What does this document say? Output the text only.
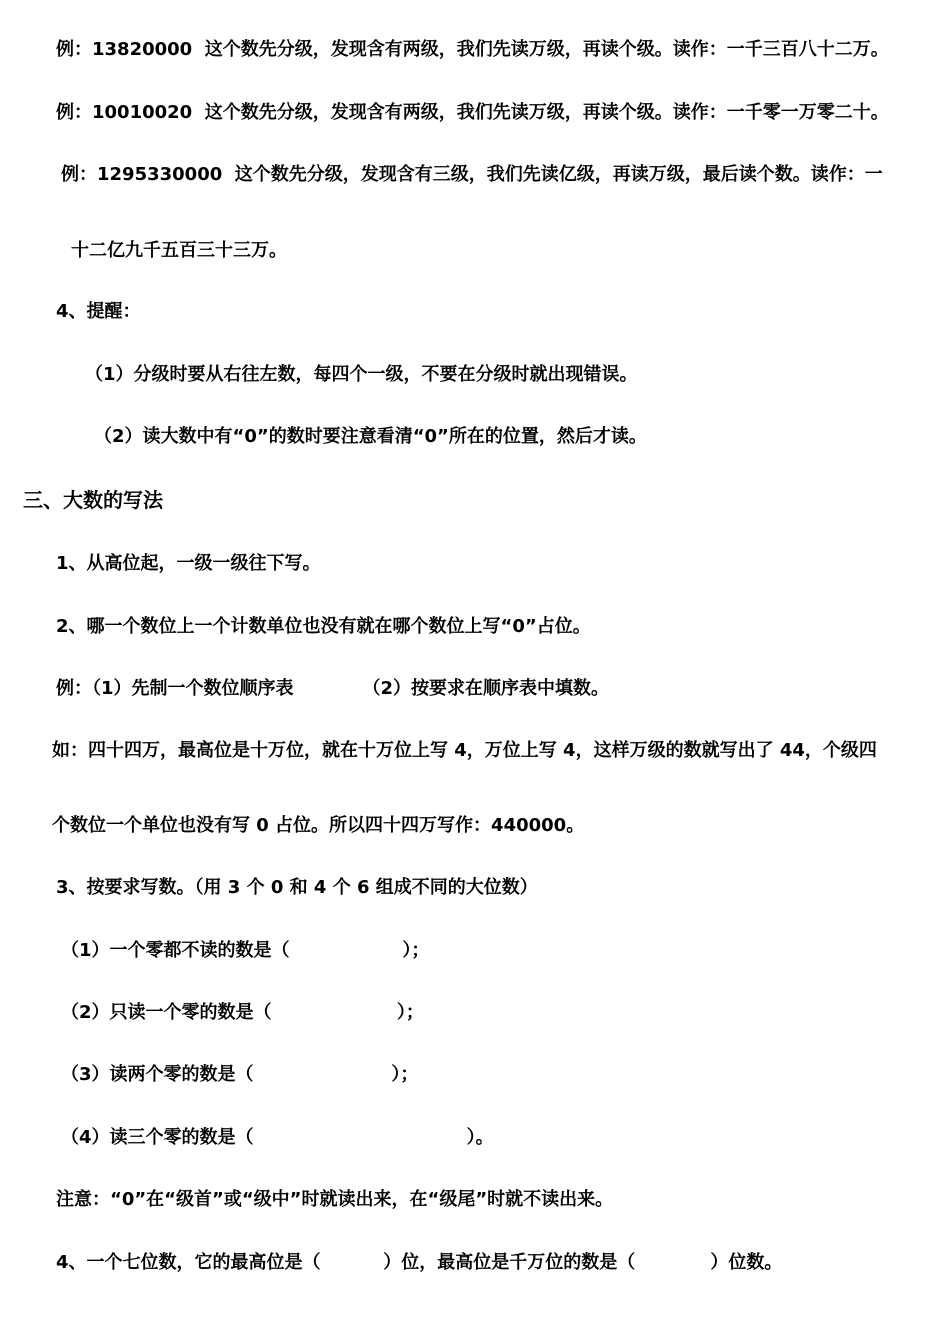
例：13820000  这个数先分级，发现含有两级，我们先读万级，再读个级。读作：一千三百八十二万。
例：10010020  这个数先分级，发现含有两级，我们先读万级，再读个级。读作：一千零一万零二十。
例：1295330000  这个数先分级，发现含有三级，我们先读亿级，再读万级，最后读个数。读作：一
十二亿九千五百三十三万。
4、提醒：
（1）分级时要从右往左数，每四个一级，不要在分级时就出现错误。
（2）读大数中有“0”的数时要注意看清“0”所在的位置，然后才读。
三、大数的写法
1、从高位起，一级一级往下写。
2、哪一个数位上一个计数单位也没有就在哪个数位上写“0”占位。
例：（1）先制一个数位顺序表           （2）按要求在顺序表中填数。
如：四十四万，最高位是十万位，就在十万位上写 4，万位上写 4，这样万级的数就写出了 44，个级四
个数位一个单位也没有写 0 占位。所以四十四万写作：440000。
3、按要求写数。（用 3 个 0 和 4 个 6 组成不同的大位数）
（1）一个零都不读的数是（                  ）；
（2）只读一个零的数是（                    ）；
（3）读两个零的数是（                      ）；
（4）读三个零的数是（                                  ）。
注意：“0”在“级首”或“级中”时就读出来，在“级尾”时就不读出来。
4、一个七位数，它的最高位是（          ）位，最高位是千万位的数是（            ）位数。
